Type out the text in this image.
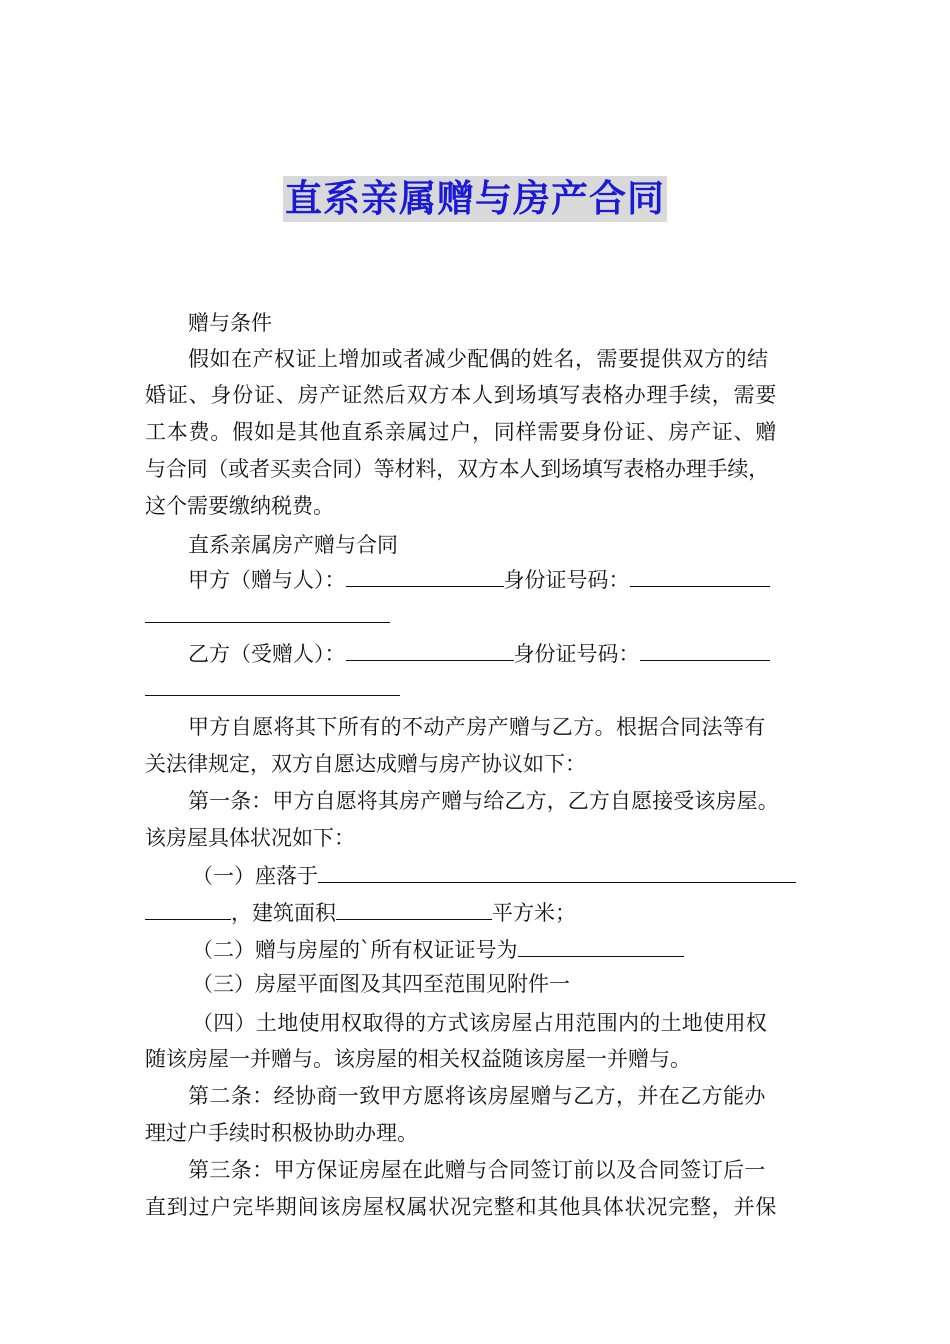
直系亲属赠与房产合同
赠与条件
假如在产权证上增加或者减少配偶的姓名，需要提供双方的结
婚证、身份证、房产证然后双方本人到场填写表格办理手续，需要
工本费。假如是其他直系亲属过户，同样需要身份证、房产证、赠
与合同（或者买卖合同）等材料，双方本人到场填写表格办理手续，
这个需要缴纳税费。
直系亲属房产赠与合同
甲方（赠与人）：	身份证号码：
乙方（受赠人）：	身份证号码：
甲方自愿将其下所有的不动产房产赠与乙方。根据合同法等有
关法律规定，双方自愿达成赠与房产协议如下：
第一条：甲方自愿将其房产赠与给乙方，乙方自愿接受该房屋。
该房屋具体状况如下：
（一）座落于
，建筑面积	平方米；
（二）赠与房屋的`所有权证证号为
（三）房屋平面图及其四至范围见附件一
（四）土地使用权取得的方式该房屋占用范围内的土地使用权
随该房屋一并赠与。该房屋的相关权益随该房屋一并赠与。
第二条：经协商一致甲方愿将该房屋赠与乙方，并在乙方能办
理过户手续时积极协助办理。
第三条：甲方保证房屋在此赠与合同签订前以及合同签订后一
直到过户完毕期间该房屋权属状况完整和其他具体状况完整，并保
